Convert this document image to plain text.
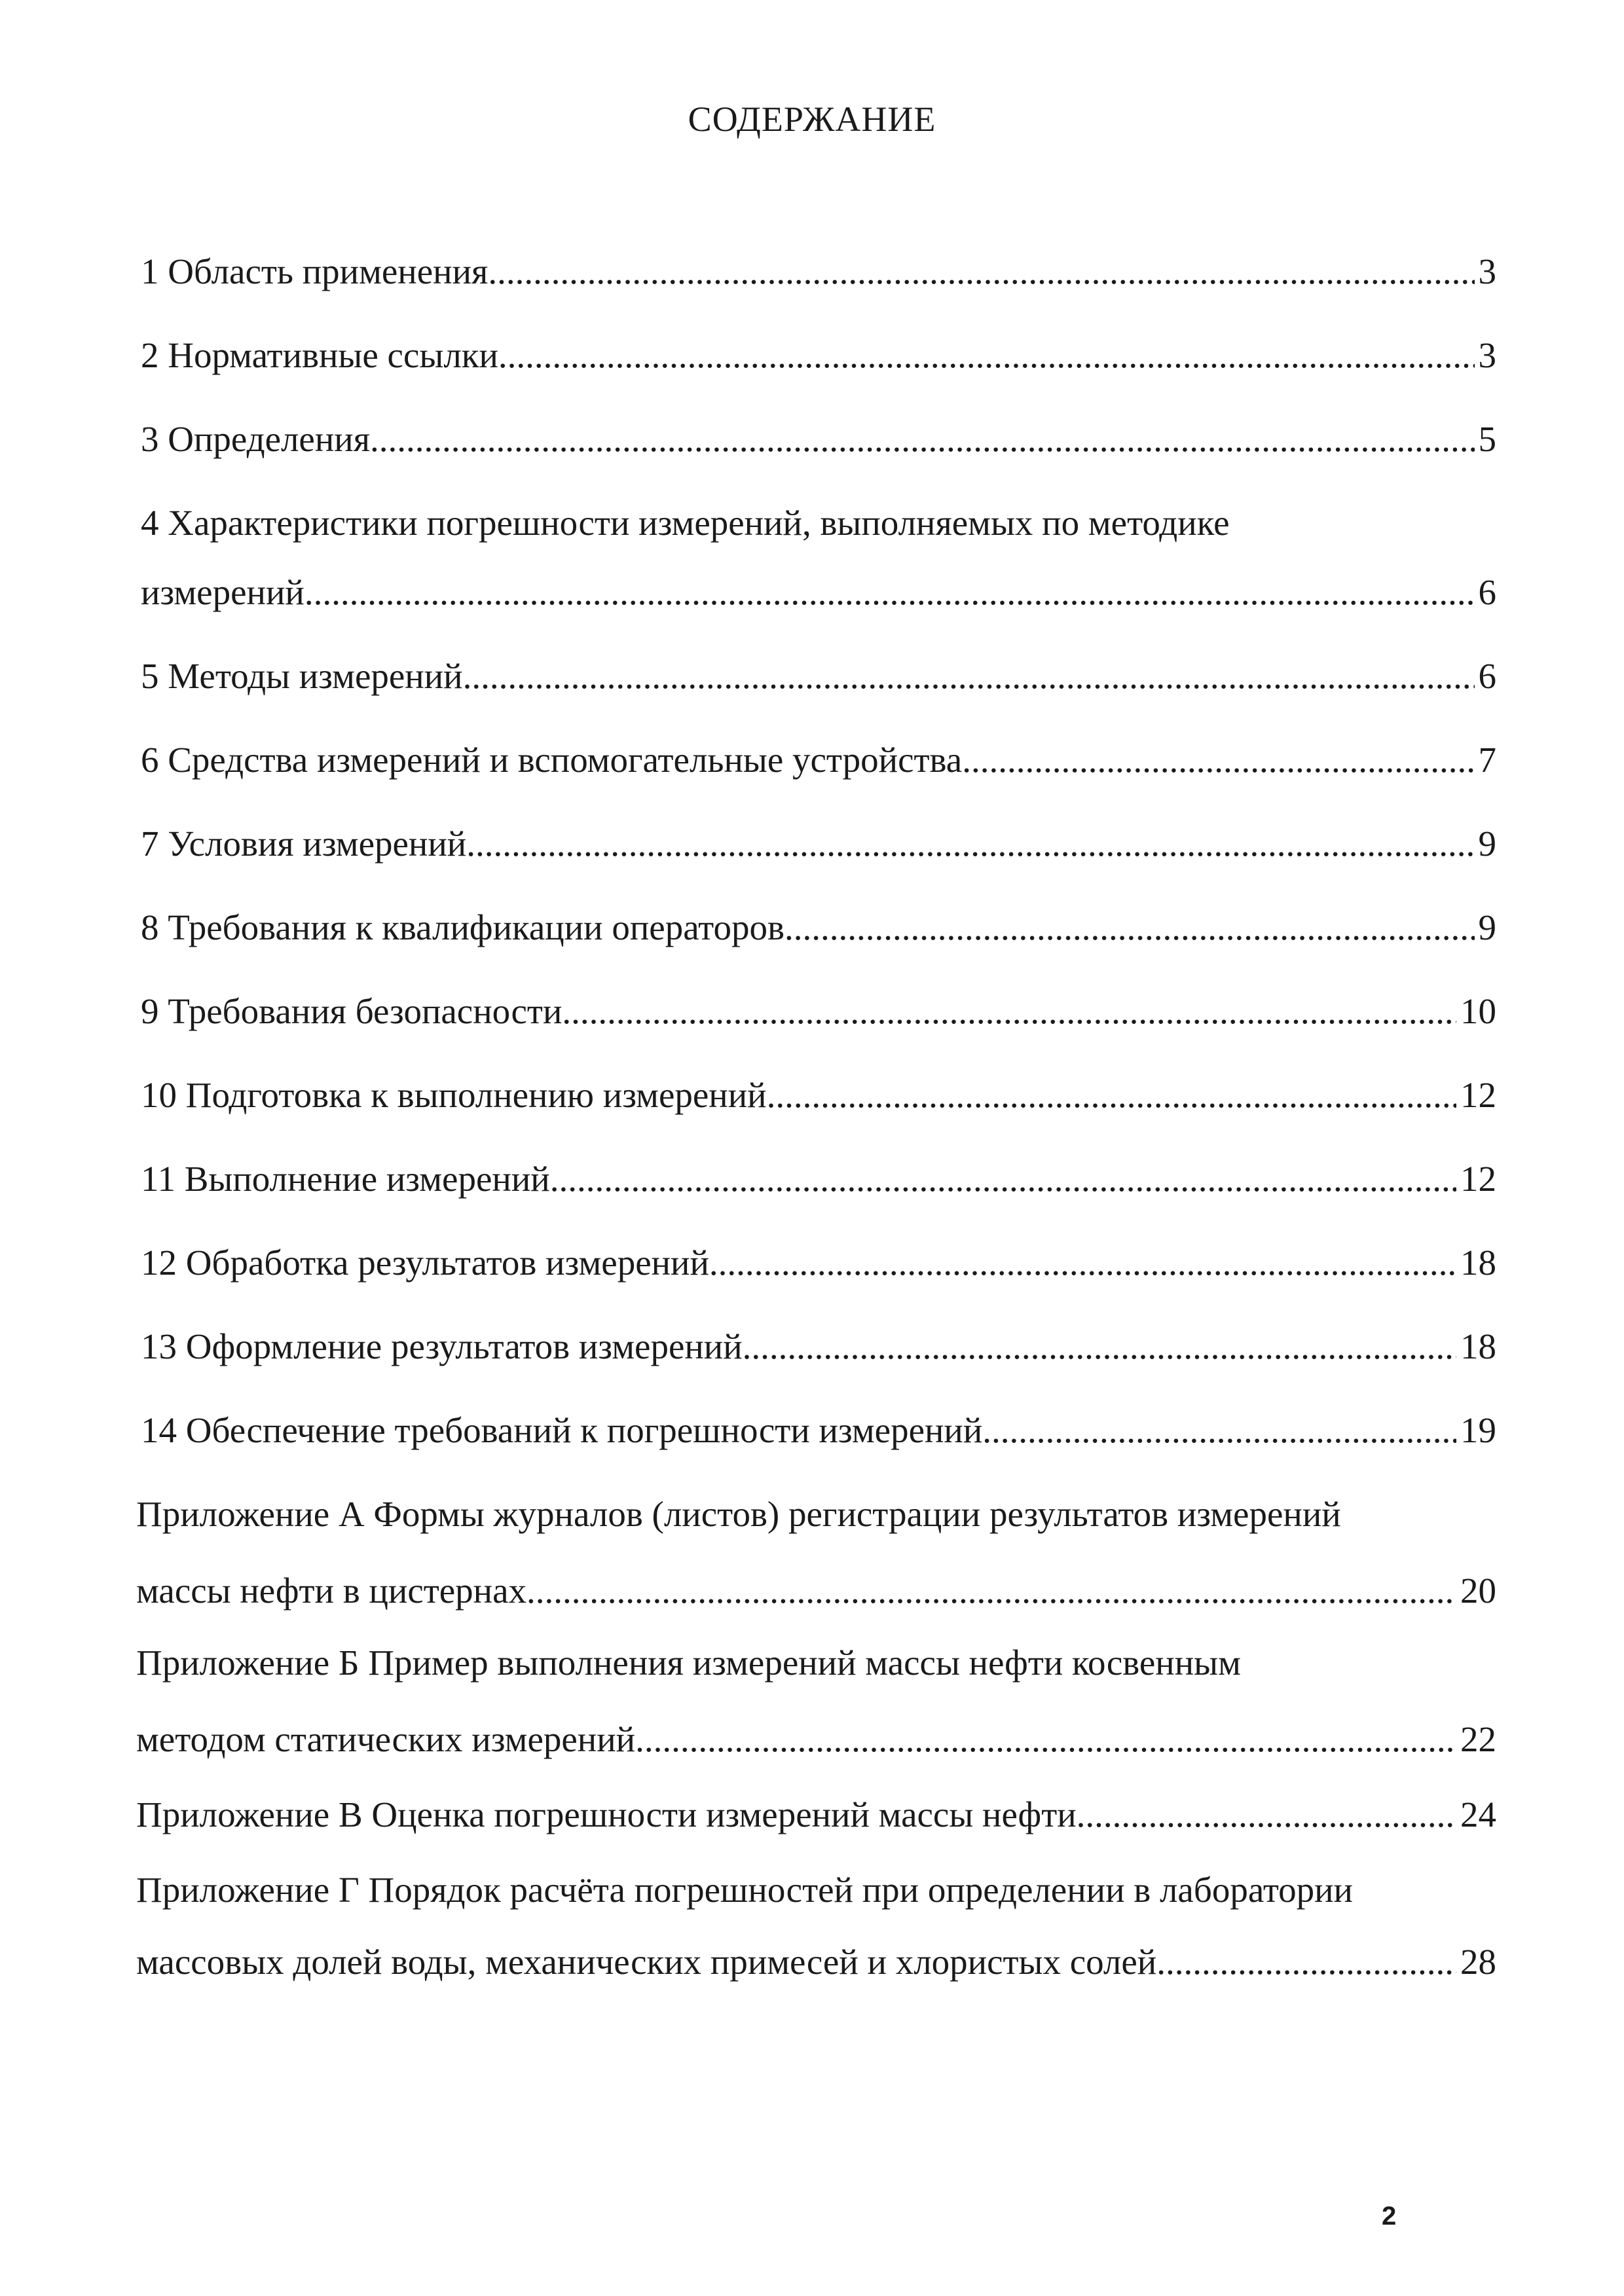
СОДЕРЖАНИЕ
1 Область применения .....	3
2 Нормативные ссылки .....	3
3 Определения .....	5
4 Характеристики погрешности измерений, выполняемых по методике
измерений .....	6
5 Методы измерений .....	6
6 Средства измерений и вспомогательные устройства .....	7
7 Условия измерений .....	9
8 Требования к квалификации операторов .....	9
9 Требования безопасности .....	10
10 Подготовка к выполнению измерений .....	12
11 Выполнение измерений .....	12
12 Обработка результатов измерений .....	18
13 Оформление результатов измерений .....	18
14 Обеспечение требований к погрешности измерений .....	19
Приложение А Формы журналов (листов) регистрации результатов измерений
массы нефти в цистернах .....	20
Приложение Б Пример выполнения измерений массы нефти косвенным
методом статических измерений .....	22
Приложение В Оценка погрешности измерений массы нефти .....	24
Приложение Г Порядок расчёта погрешностей при определении в лаборатории
массовых долей воды, механических примесей и хлористых солей .....	28
2
